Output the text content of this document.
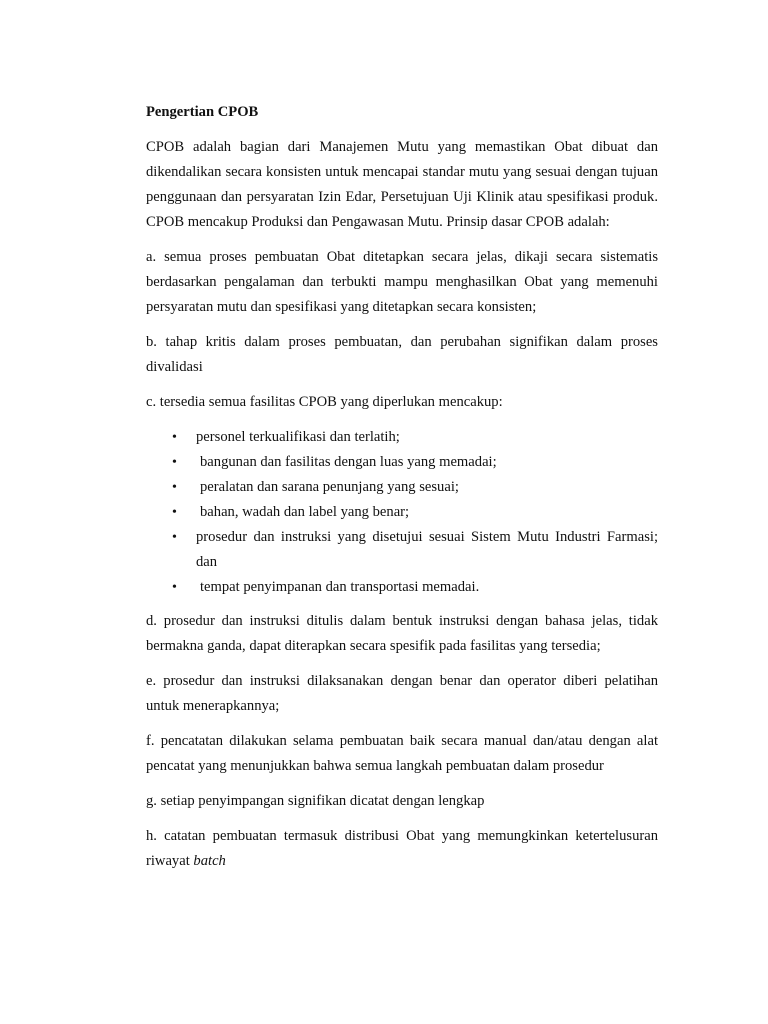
Pengertian CPOB

CPOB adalah bagian dari Manajemen Mutu yang memastikan Obat dibuat dan dikendalikan secara konsisten untuk mencapai standar mutu yang sesuai dengan tujuan penggunaan dan persyaratan Izin Edar, Persetujuan Uji Klinik atau spesifikasi produk. CPOB mencakup Produksi dan Pengawasan Mutu. Prinsip dasar CPOB adalah:

a. semua proses pembuatan Obat ditetapkan secara jelas, dikaji secara sistematis berdasarkan pengalaman dan terbukti mampu menghasilkan Obat yang memenuhi persyaratan mutu dan spesifikasi yang ditetapkan secara konsisten;

b. tahap kritis dalam proses pembuatan, dan perubahan signifikan dalam proses divalidasi

c. tersedia semua fasilitas CPOB yang diperlukan mencakup:

•	personel terkualifikasi dan terlatih;
•	bangunan dan fasilitas dengan luas yang memadai;
•	peralatan dan sarana penunjang yang sesuai;
•	bahan, wadah dan label yang benar;
•	prosedur dan instruksi yang disetujui sesuai Sistem Mutu Industri Farmasi; dan
•	tempat penyimpanan dan transportasi memadai.

d. prosedur dan instruksi ditulis dalam bentuk instruksi dengan bahasa jelas, tidak bermakna ganda, dapat diterapkan secara spesifik pada fasilitas yang tersedia;

e. prosedur dan instruksi dilaksanakan dengan benar dan operator diberi pelatihan untuk menerapkannya;

f. pencatatan dilakukan selama pembuatan baik secara manual dan/atau dengan alat pencatat yang menunjukkan bahwa semua langkah pembuatan dalam prosedur

g. setiap penyimpangan signifikan dicatat dengan lengkap

h. catatan pembuatan termasuk distribusi Obat yang memungkinkan ketertelusuran riwayat batch
